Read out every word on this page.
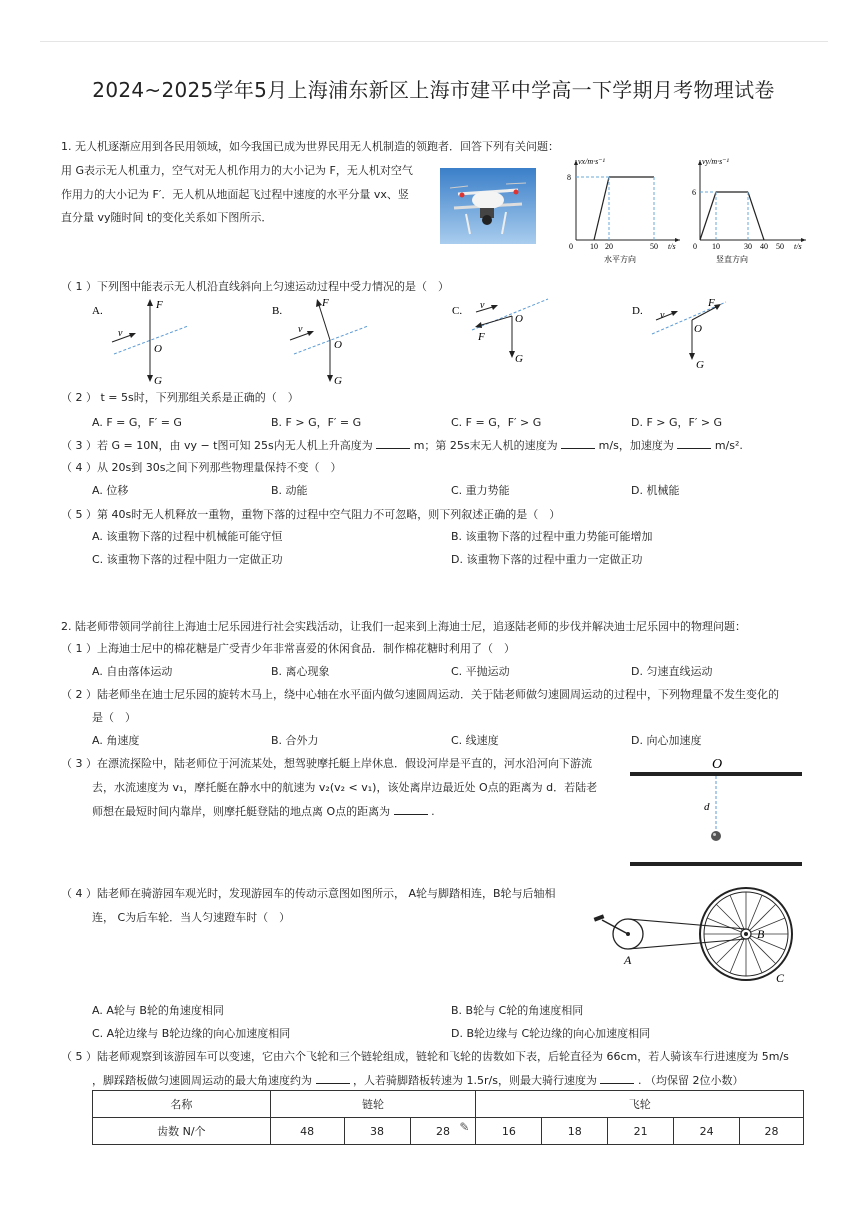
2024~2025学年5月上海浦东新区上海市建平中学高一下学期月考物理试卷
1. 无人机逐渐应用到各民用领域，如今我国已成为世界民用无人机制造的领跑者．回答下列有关问题：
用 G表示无人机重力，空气对无人机作用力的大小记为 F，无人机对空气
作用力的大小记为 F′．无人机从地面起飞过程中速度的水平分量 vx、竖
直分量 vy随时间 t的变化关系如下图所示．
vx/m·s⁻¹
8
0 10 20	50 t/s
水平方向
vy/m·s⁻¹
6
0 10	30 40 50 t/s
竖直方向
（ 1 ）下列图中能表示无人机沿直线斜向上匀速运动过程中受力情况的是（　）
A.	F
O
G
v
B.
F
O
G
v
C.
F
O
G
v	D.
F
O
G
v
（ 2 ） t = 5s时，下列那组关系是正确的（　）
A. F = G，F′ = G	B. F > G，F′ = G	C. F = G，F′ > G	D. F > G，F′ > G
（ 3 ）若 G = 10N，由 vy − t图可知 25s内无人机上升高度为	m；第 25s末无人机的速度为	m/s，加速度为	m/s².
（ 4 ）从 20s到 30s之间下列那些物理量保持不变（　）
A. 位移	B. 动能	C. 重力势能	D. 机械能
（ 5 ）第 40s时无人机释放一重物，重物下落的过程中空气阻力不可忽略，则下列叙述正确的是（　）
A. 该重物下落的过程中机械能可能守恒	B. 该重物下落的过程中重力势能可能增加
C. 该重物下落的过程中阻力一定做正功	D. 该重物下落的过程中重力一定做正功
2. 陆老师带领同学前往上海迪士尼乐园进行社会实践活动，让我们一起来到上海迪士尼，追逐陆老师的步伐并解决迪士尼乐园中的物理问题：
（ 1 ）上海迪士尼中的棉花糖是广受青少年非常喜爱的休闲食品．制作棉花糖时利用了（　）
A. 自由落体运动	B. 离心现象	C. 平抛运动	D. 匀速直线运动
（ 2 ）陆老师坐在迪士尼乐园的旋转木马上，绕中心轴在水平面内做匀速圆周运动．关于陆老师做匀速圆周运动的过程中，下列物理量不发生变化的
是（　）
A. 角速度	B. 合外力	C. 线速度	D. 向心加速度
（ 3 ）在漂流探险中，陆老师位于河流某处，想驾驶摩托艇上岸休息．假设河岸是平直的，河水沿河向下游流
去，水流速度为 v₁，摩托艇在静水中的航速为 v₂(v₂ < v₁)，该处离岸边最近处 O点的距离为 d．若陆老
师想在最短时间内靠岸，则摩托艇登陆的地点离 O点的距离为	.
O
d
（ 4 ）陆老师在骑游园车观光时，发现游园车的传动示意图如图所示， A轮与脚踏相连，B轮与后轴相
连， C为后车轮．当人匀速蹬车时（　）
A
B
C
A. A轮与 B轮的角速度相同	B. B轮与 C轮的角速度相同
C. A轮边缘与 B轮边缘的向心加速度相同	D. B轮边缘与 C轮边缘的向心加速度相同
（ 5 ）陆老师观察到该游园车可以变速，它由六个飞轮和三个链轮组成，链轮和飞轮的齿数如下表，后轮直径为 66cm，若人骑该车行进速度为 5m/s
，脚踩踏板做匀速圆周运动的最大角速度约为	，人若骑脚踏板转速为 1.5r/s，则最大骑行速度为	. （均保留 2位小数）
名称	链轮			飞轮				
齿数 N/个	48	38	28 ✎	16	18	21	24	28
